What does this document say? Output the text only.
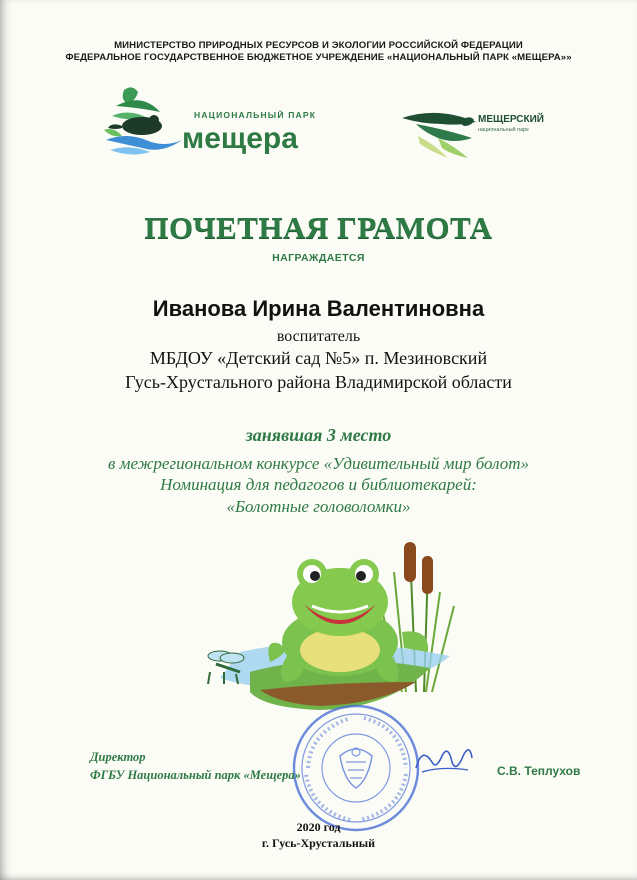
МИНИСТЕРСТВО ПРИРОДНЫХ РЕСУРСОВ И ЭКОЛОГИИ РОССИЙСКОЙ ФЕДЕРАЦИИ
ФЕДЕРАЛЬНОЕ ГОСУДАРСТВЕННОЕ БЮДЖЕТНОЕ УЧРЕЖДЕНИЕ «НАЦИОНАЛЬНЫЙ ПАРК «МЕЩЕРА»»
НАЦИОНАЛЬНЫЙ ПАРК
мещера
МЕЩЕРСКИЙ
национальный парк
ПОЧЕТНАЯ ГРАМОТА
НАГРАЖДАЕТСЯ
Иванова Ирина Валентиновна
воспитатель
МБДОУ «Детский сад №5» п. Мезиновский
Гусь-Хрустального района Владимирской области
занявшая 3 место
в межрегиональном конкурсе «Удивительный мир болот»
Номинация для педагогов и библиотекарей:
«Болотные головоломки»
Директор
ФГБУ Национальный парк «Мещера»	С.В. Теплухов
2020 год
г. Гусь-Хрустальный
